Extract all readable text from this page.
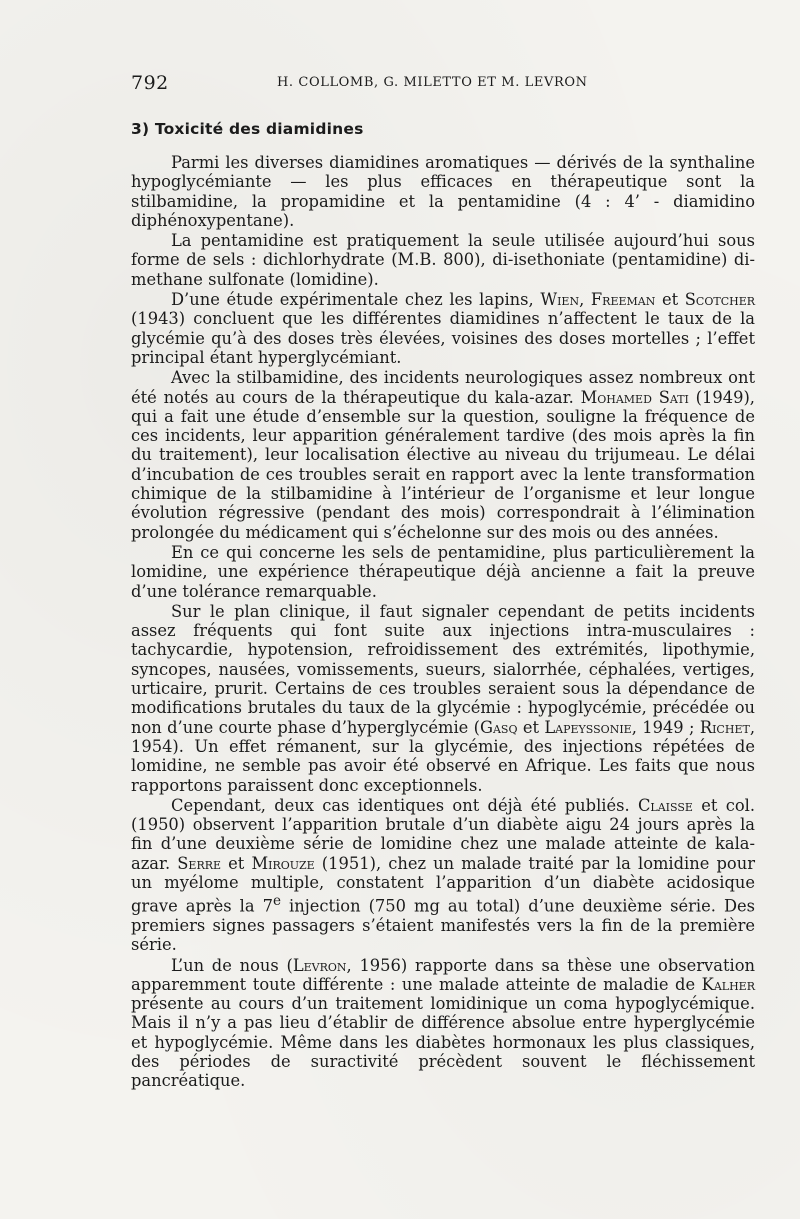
792	H. COLLOMB, G. MILETTO ET M. LEVRON
3) Toxicité des diamidines

Parmi les diverses diamidines aromatiques — dérivés de la synthaline hypoglycémiante — les plus efficaces en thérapeutique sont la stilbamidine, la propamidine et la pentamidine (4 : 4’ - diamidino diphénoxypentane).

La pentamidine est pratiquement la seule utilisée aujourd’hui sous forme de sels : dichlorhydrate (M.B. 800), di-isethoniate (pentamidine) di-methane sulfonate (lomidine).

D’une étude expérimentale chez les lapins, Wien, Freeman et Scotcher (1943) concluent que les différentes diamidines n’affectent le taux de la glycémie qu’à des doses très élevées, voisines des doses mortelles ; l’effet principal étant hyperglycémiant.

Avec la stilbamidine, des incidents neurologiques assez nombreux ont été notés au cours de la thérapeutique du kala-azar. Mohamed Sati (1949), qui a fait une étude d’ensemble sur la question, souligne la fréquence de ces incidents, leur apparition généralement tardive (des mois après la fin du traitement), leur localisation élective au niveau du trijumeau. Le délai d’incubation de ces troubles serait en rapport avec la lente transformation chimique de la stilbamidine à l’intérieur de l’organisme et leur longue évolution régressive (pendant des mois) correspondrait à l’élimination prolongée du médicament qui s’échelonne sur des mois ou des années.

En ce qui concerne les sels de pentamidine, plus particulièrement la lomidine, une expérience thérapeutique déjà ancienne a fait la preuve d’une tolérance remarquable.

Sur le plan clinique, il faut signaler cependant de petits incidents assez fréquents qui font suite aux injections intra-musculaires : tachycardie, hypotension, refroidissement des extrémités, lipothymie, syncopes, nausées, vomissements, sueurs, sialorrhée, céphalées, vertiges, urticaire, prurit. Certains de ces troubles seraient sous la dépendance de modifications brutales du taux de la glycémie : hypoglycémie, précédée ou non d’une courte phase d’hyperglycémie (Gasq et Lapeyssonie, 1949 ; Richet, 1954). Un effet rémanent, sur la glycémie, des injections répétées de lomidine, ne semble pas avoir été observé en Afrique. Les faits que nous rapportons paraissent donc exceptionnels.

Cependant, deux cas identiques ont déjà été publiés. Claisse et col. (1950) observent l’apparition brutale d’un diabète aigu 24 jours après la fin d’une deuxième série de lomidine chez une malade atteinte de kala-azar. Serre et Mirouze (1951), chez un malade traité par la lomidine pour un myélome multiple, constatent l’apparition d’un diabète acidosique grave après la 7e injection (750 mg au total) d’une deuxième série. Des premiers signes passagers s’étaient manifestés vers la fin de la première série.

L’un de nous (Levron, 1956) rapporte dans sa thèse une observation apparemment toute différente : une malade atteinte de maladie de Kalher présente au cours d’un traitement lomidinique un coma hypoglycémique. Mais il n’y a pas lieu d’établir de différence absolue entre hyperglycémie et hypoglycémie. Même dans les diabètes hormonaux les plus classiques, des périodes de suractivité précèdent souvent le fléchissement pancréatique.
